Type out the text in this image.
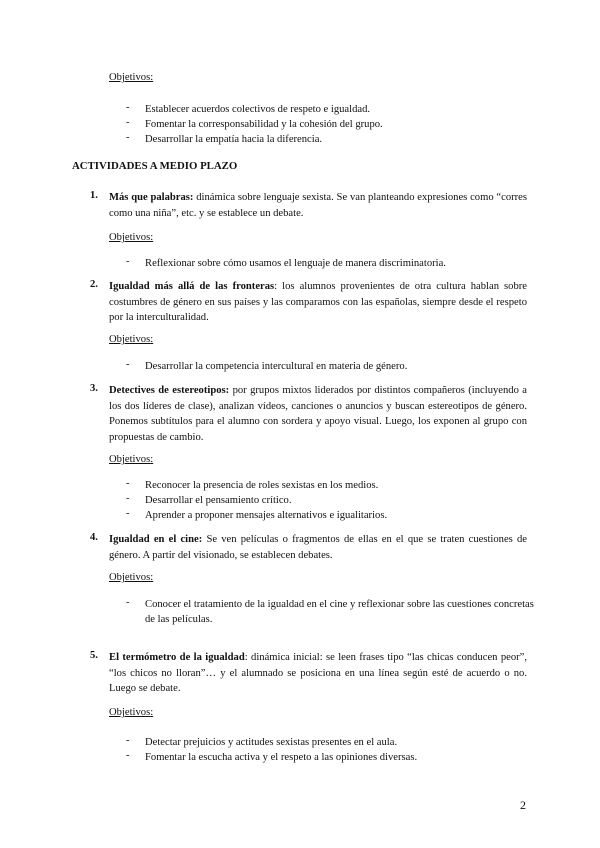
Objetivos:
- Establecer acuerdos colectivos de respeto e igualdad.
- Fomentar la corresponsabilidad y la cohesión del grupo.
- Desarrollar la empatía hacia la diferencia.
ACTIVIDADES A MEDIO PLAZO
1. Más que palabras: dinámica sobre lenguaje sexista. Se van planteando expresiones como “corres como una niña”, etc. y se establece un debate.
Objetivos:
- Reflexionar sobre cómo usamos el lenguaje de manera discriminatoria.
2. Igualdad más allá de las fronteras: los alumnos provenientes de otra cultura hablan sobre costumbres de género en sus países y las comparamos con las españolas, siempre desde el respeto por la interculturalidad.
Objetivos:
- Desarrollar la competencia intercultural en materia de género.
3. Detectives de estereotipos: por grupos mixtos liderados por distintos compañeros (incluyendo a los dos líderes de clase), analizan vídeos, canciones o anuncios y buscan estereotipos de género. Ponemos subtítulos para el alumno con sordera y apoyo visual. Luego, los exponen al grupo con propuestas de cambio.
Objetivos:
- Reconocer la presencia de roles sexistas en los medios.
- Desarrollar el pensamiento crítico.
- Aprender a proponer mensajes alternativos e igualitarios.
4. Igualdad en el cine: Se ven películas o fragmentos de ellas en el que se traten cuestiones de género. A partir del visionado, se establecen debates.
Objetivos:
- Conocer el tratamiento de la igualdad en el cine y reflexionar sobre las cuestiones concretas de las películas.
5. El termómetro de la igualdad: dinámica inicial: se leen frases tipo “las chicas conducen peor”, “los chicos no lloran”… y el alumnado se posiciona en una línea según esté de acuerdo o no. Luego se debate.
Objetivos:
- Detectar prejuicios y actitudes sexistas presentes en el aula.
- Fomentar la escucha activa y el respeto a las opiniones diversas.
2
